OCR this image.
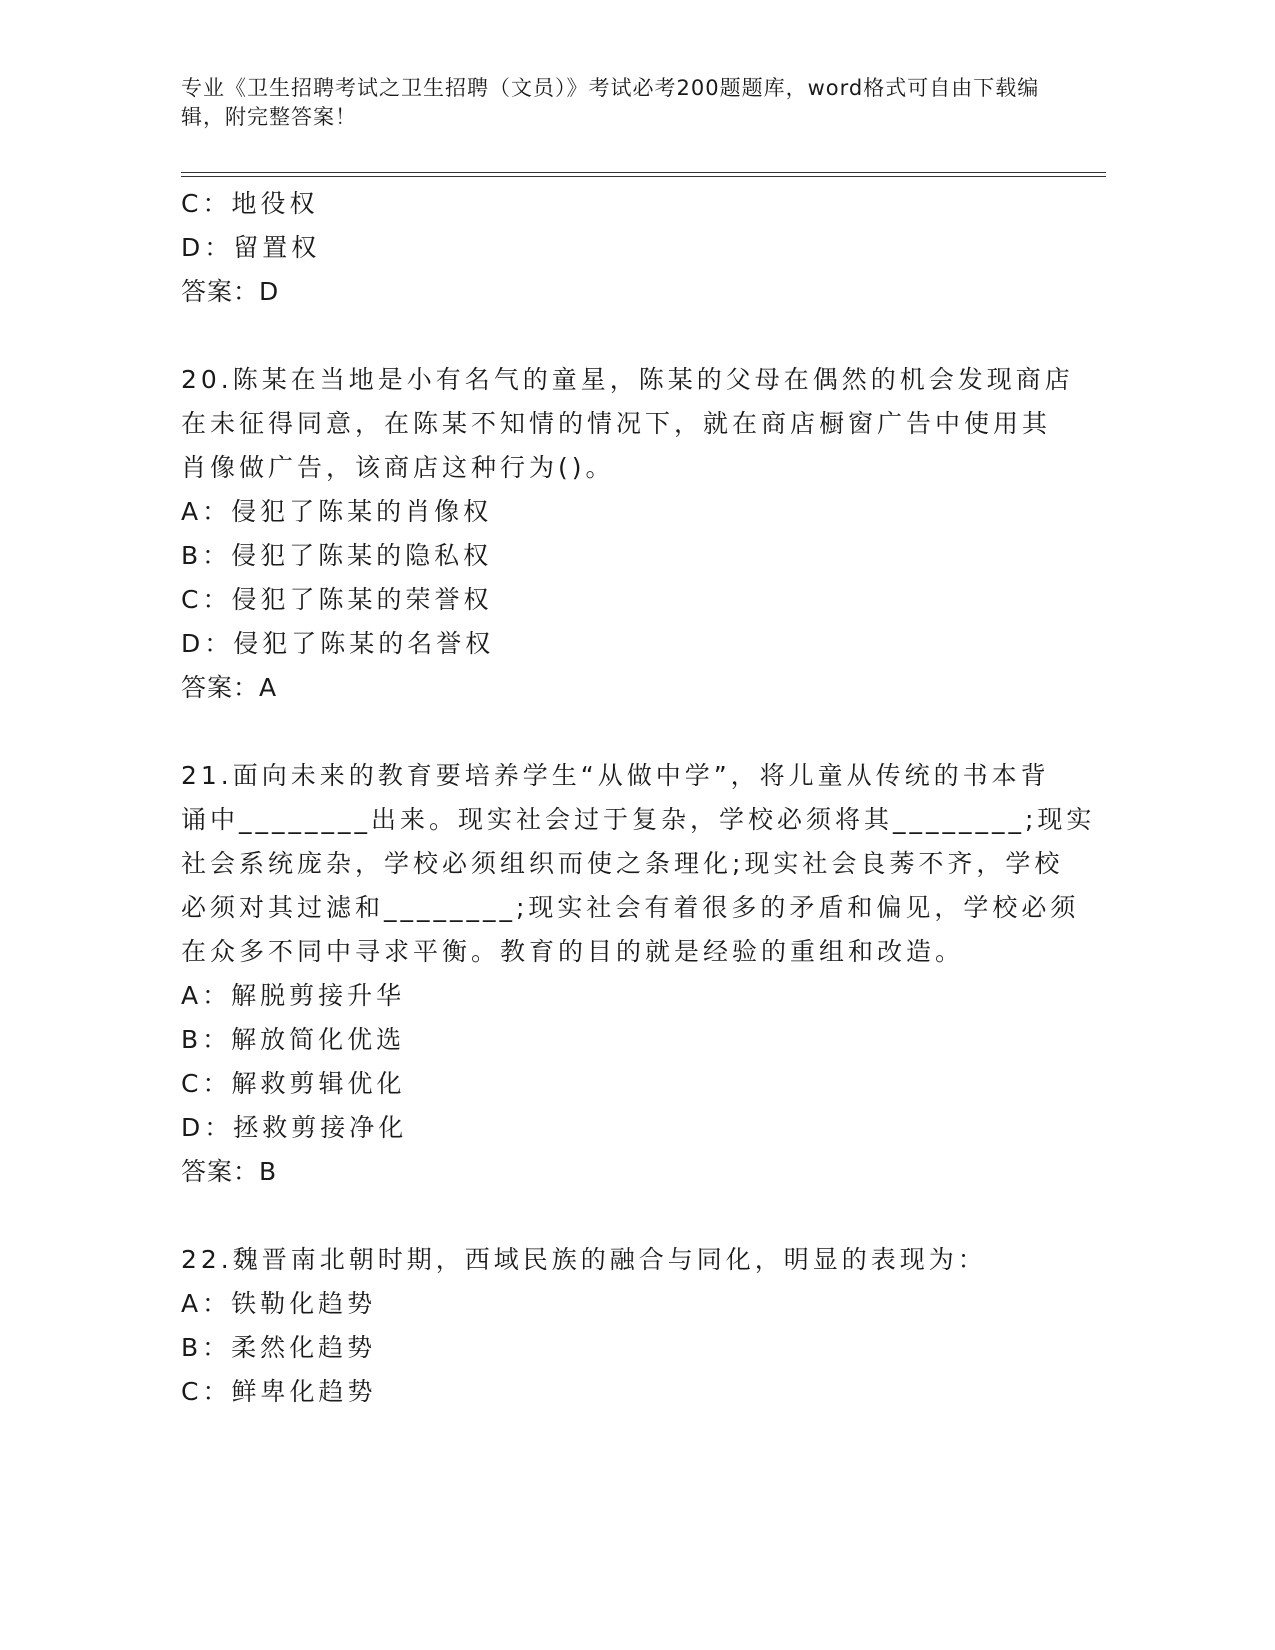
专业《卫生招聘考试之卫生招聘（文员）》考试必考200题题库，word格式可自由下载编辑，附完整答案！
C：地役权
D：留置权
答案：D
20.陈某在当地是小有名气的童星，陈某的父母在偶然的机会发现商店
在未征得同意，在陈某不知情的情况下，就在商店橱窗广告中使用其
肖像做广告，该商店这种行为()。
A：侵犯了陈某的肖像权
B：侵犯了陈某的隐私权
C：侵犯了陈某的荣誉权
D：侵犯了陈某的名誉权
答案：A
21.面向未来的教育要培养学生“从做中学”，将儿童从传统的书本背
诵中________出来。现实社会过于复杂，学校必须将其________;现实
社会系统庞杂，学校必须组织而使之条理化;现实社会良莠不齐，学校
必须对其过滤和________;现实社会有着很多的矛盾和偏见，学校必须
在众多不同中寻求平衡。教育的目的就是经验的重组和改造。
A：解脱剪接升华
B：解放简化优选
C：解救剪辑优化
D：拯救剪接净化
答案：B
22.魏晋南北朝时期，西域民族的融合与同化，明显的表现为：
A：铁勒化趋势
B：柔然化趋势
C：鲜卑化趋势
